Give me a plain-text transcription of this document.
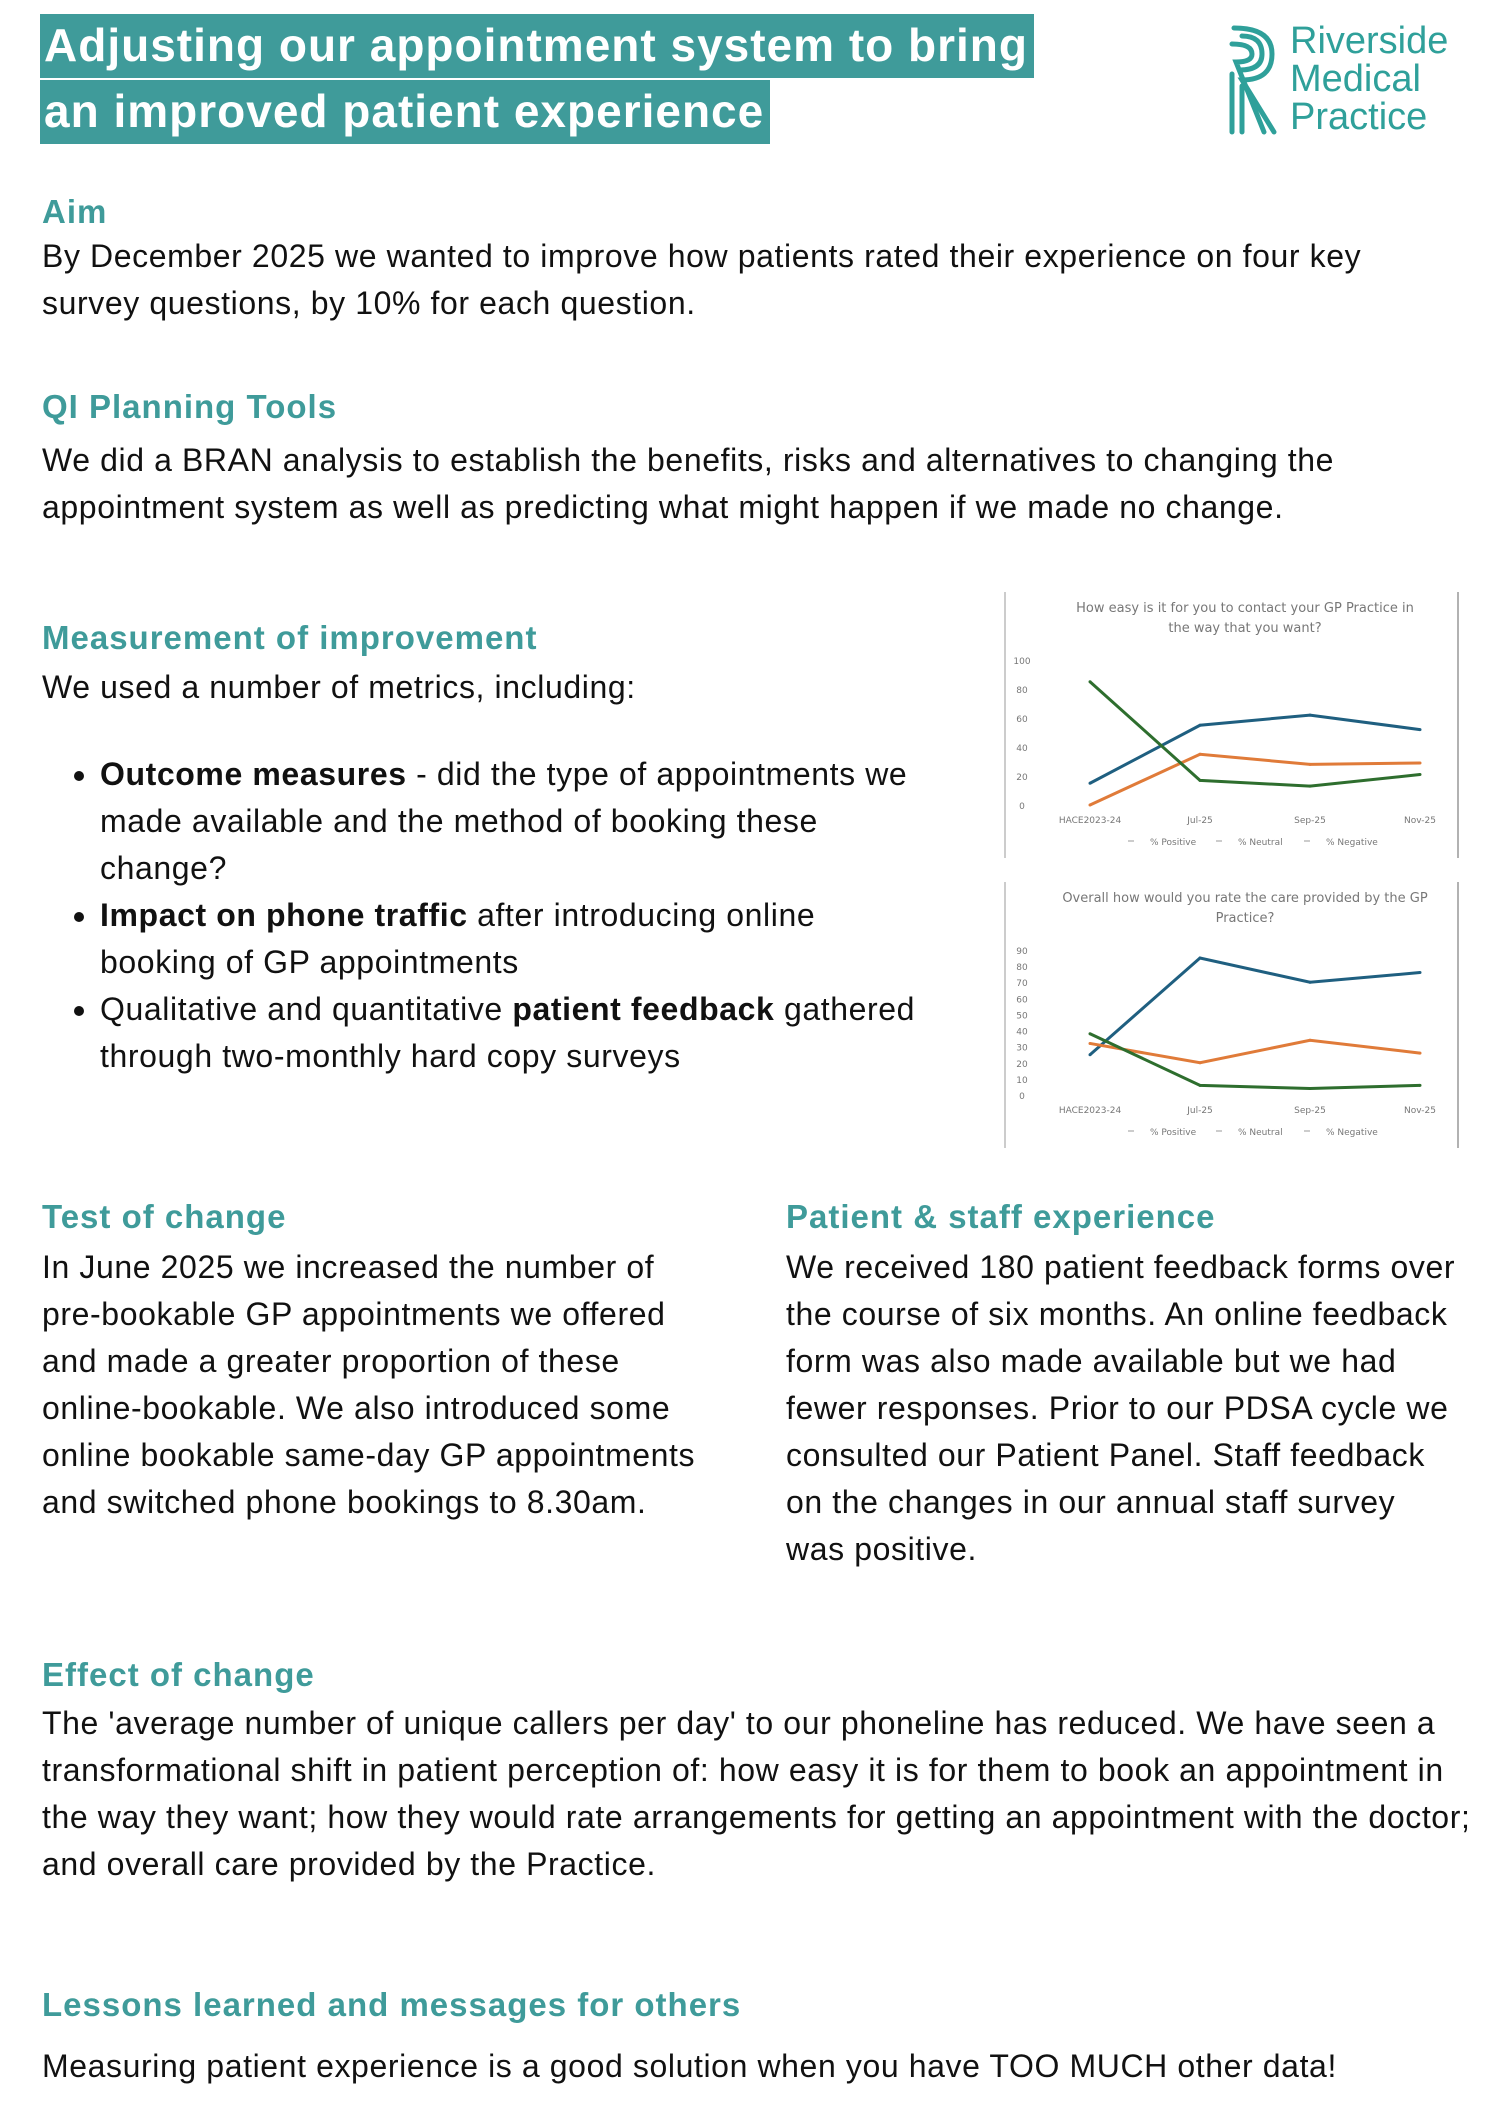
Adjusting our appointment system to bring
an improved patient experience
Riverside
Medical
Practice
Aim

By December 2025 we wanted to improve how patients rated their experience on four key survey questions, by 10% for each question.

QI Planning Tools

We did a BRAN analysis to establish the benefits, risks and alternatives to changing the appointment system as well as predicting what might happen if we made no change.

Measurement of improvement

We used a number of metrics, including:

• Outcome measures - did the type of appointments we made available and the method of booking these change?
• Impact on phone traffic after introducing online booking of GP appointments
• Qualitative and quantitative patient feedback gathered through two-monthly hard copy surveys
How easy is it for you to contact your GP Practice in
the way that you want?
0
20
40
60
80
100
HACE2023-24	Jul-25	Sep-25	Nov-25
% Positive	% Neutral	% Negative
Overall how would you rate the care provided by the GP
Practice?
0
10
20
30
40
50
60
70
80
90
HACE2023-24	Jul-25	Sep-25	Nov-25
% Positive	% Neutral	% Negative
Test of change

In June 2025 we increased the number of pre-bookable GP appointments we offered and made a greater proportion of these online-bookable. We also introduced some online bookable same-day GP appointments and switched phone bookings to 8.30am.

Patient & staff experience

We received 180 patient feedback forms over the course of six months. An online feedback form was also made available but we had fewer responses. Prior to our PDSA cycle we consulted our Patient Panel. Staff feedback on the changes in our annual staff survey was positive.

Effect of change

The 'average number of unique callers per day' to our phoneline has reduced. We have seen a transformational shift in patient perception of: how easy it is for them to book an appointment in the way they want; how they would rate arrangements for getting an appointment with the doctor; and overall care provided by the Practice.

Lessons learned and messages for others

Measuring patient experience is a good solution when you have TOO MUCH other data!
